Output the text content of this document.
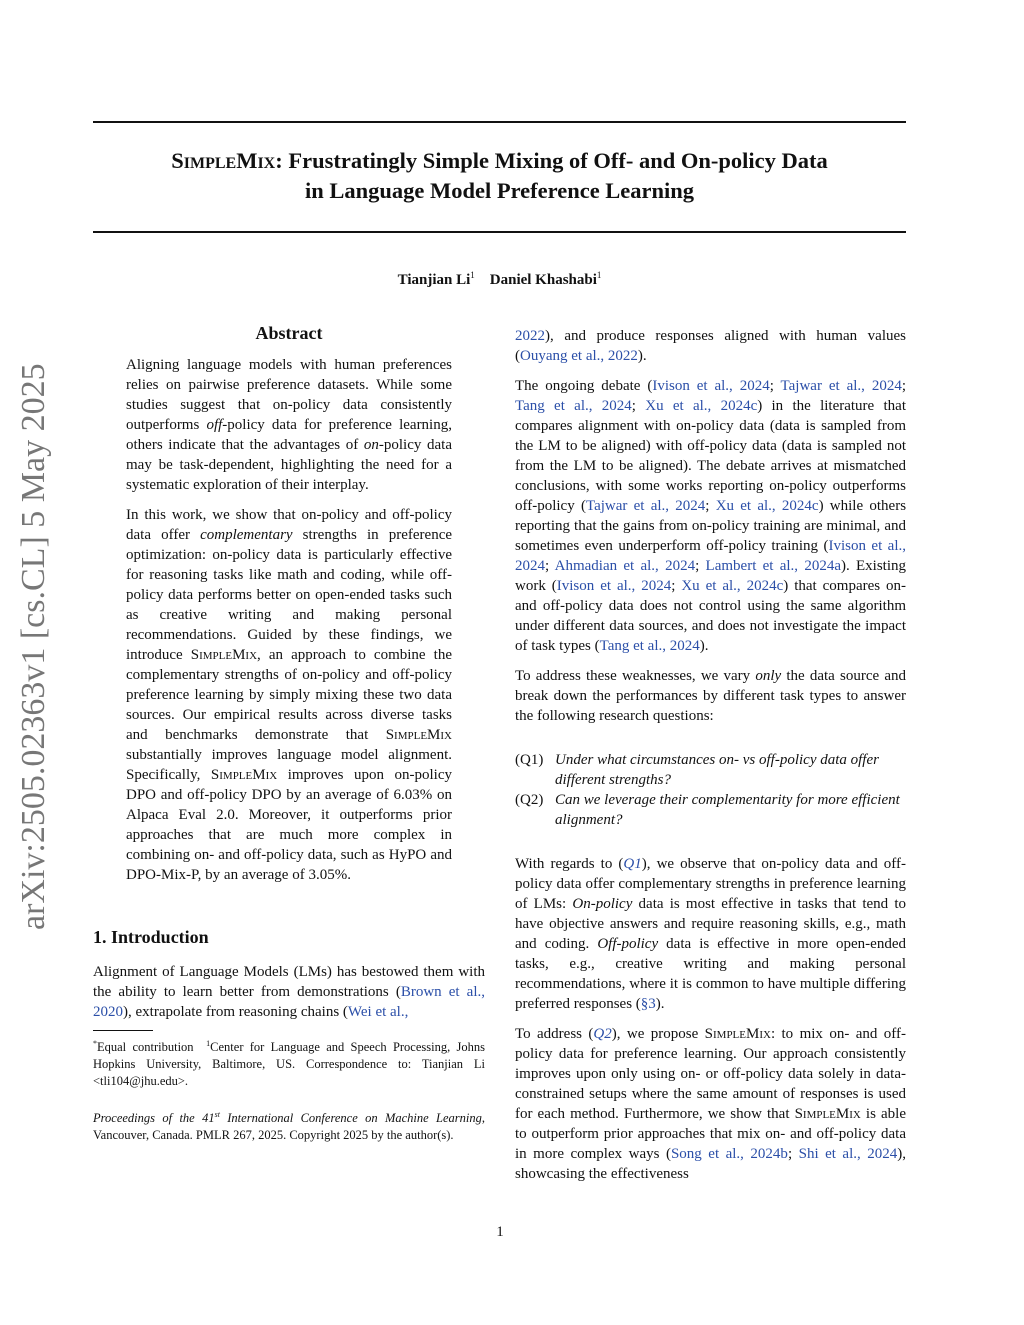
SimpleMix: Frustratingly Simple Mixing of Off- and On-policy Data
in Language Model Preference Learning
Tianjian Li$^1$ Daniel Khashabi$^1$
arXiv:2505.02363v1 [cs.CL] 5 May 2025
Abstract

Aligning language models with human preferences relies on pairwise preference datasets. While some studies suggest that on-policy data consistently outperforms off-policy data for preference learning, others indicate that the advantages of on-policy data may be task-dependent, highlighting the need for a systematic exploration of their interplay.

In this work, we show that on-policy and off-policy data offer complementary strengths in preference optimization: on-policy data is particularly effective for reasoning tasks like math and coding, while off-policy data performs better on open-ended tasks such as creative writing and making personal recommendations. Guided by these findings, we introduce SimpleMix, an approach to combine the complementary strengths of on-policy and off-policy preference learning by simply mixing these two data sources. Our empirical results across diverse tasks and benchmarks demonstrate that SimpleMix substantially improves language model alignment. Specifically, SimpleMix improves upon on-policy DPO and off-policy DPO by an average of 6.03% on Alpaca Eval 2.0. Moreover, it outperforms prior approaches that are much more complex in combining on- and off-policy data, such as HyPO and DPO-Mix-P, by an average of 3.05%.

1. Introduction

Alignment of Language Models (LMs) has bestowed them with the ability to learn better from demonstrations (Brown et al., 2020), extrapolate from reasoning chains (Wei et al.,

*Equal contribution $^1$Center for Language and Speech Processing, Johns Hopkins University, Baltimore, US. Correspondence to: Tianjian Li <tli104@jhu.edu>.
Proceedings of the 41st International Conference on Machine Learning, Vancouver, Canada. PMLR 267, 2025. Copyright 2025 by the author(s).

2022), and produce responses aligned with human values (Ouyang et al., 2022).

The ongoing debate (Ivison et al., 2024; Tajwar et al., 2024; Tang et al., 2024; Xu et al., 2024c) in the literature that compares alignment with on-policy data (data is sampled from the LM to be aligned) with off-policy data (data is sampled not from the LM to be aligned). The debate arrives at mismatched conclusions, with some works reporting on-policy outperforms off-policy (Tajwar et al., 2024; Xu et al., 2024c) while others reporting that the gains from on-policy training are minimal, and sometimes even underperform off-policy training (Ivison et al., 2024; Ahmadian et al., 2024; Lambert et al., 2024a). Existing work (Ivison et al., 2024; Xu et al., 2024c) that compares on- and off-policy data does not control using the same algorithm under different data sources, and does not investigate the impact of task types (Tang et al., 2024).

To address these weaknesses, we vary only the data source and break down the performances by different task types to answer the following research questions:

(Q1) Under what circumstances on- vs off-policy data offer different strengths?
(Q2) Can we leverage their complementarity for more efficient alignment?

With regards to (Q1), we observe that on-policy data and off-policy data offer complementary strengths in preference learning of LMs: On-policy data is most effective in tasks that tend to have objective answers and require reasoning skills, e.g., math and coding. Off-policy data is effective in more open-ended tasks, e.g., creative writing and making personal recommendations, where it is common to have multiple differing preferred responses (§3).

To address (Q2), we propose SimpleMix: to mix on- and off-policy data for preference learning. Our approach consistently improves upon only using on- or off-policy data solely in data-constrained setups where the same amount of responses is used for each method. Furthermore, we show that SimpleMix is able to outperform prior approaches that mix on- and off-policy data in more complex ways (Song et al., 2024b; Shi et al., 2024), showcasing the effectiveness

1
